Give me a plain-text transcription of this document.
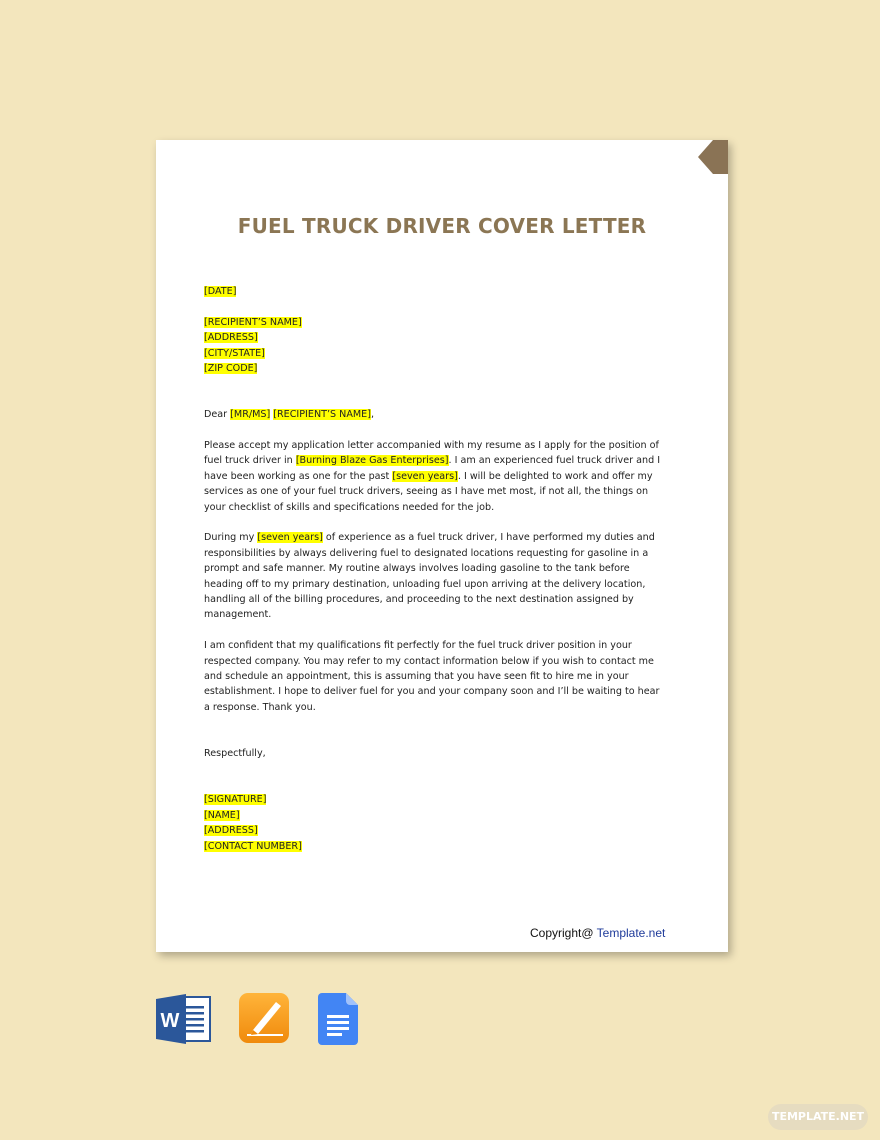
FUEL TRUCK DRIVER COVER LETTER

[DATE]

[RECIPIENT’S NAME]

[ADDRESS]

[CITY/STATE]

[ZIP CODE]

Dear [MR/MS] [RECIPIENT’S NAME],

Please accept my application letter accompanied with my resume as I apply for the position of fuel truck driver in [Burning Blaze Gas Enterprises]. I am an experienced fuel truck driver and I have been working as one for the past [seven years]. I will be delighted to work and offer my services as one of your fuel truck drivers, seeing as I have met most, if not all, the things on your checklist of skills and specifications needed for the job.

During my [seven years] of experience as a fuel truck driver, I have performed my duties and responsibilities by always delivering fuel to designated locations requesting for gasoline in a prompt and safe manner. My routine always involves loading gasoline to the tank before heading off to my primary destination, unloading fuel upon arriving at the delivery location, handling all of the billing procedures, and proceeding to the next destination assigned by management.

I am confident that my qualifications fit perfectly for the fuel truck driver position in your respected company. You may refer to my contact information below if you wish to contact me and schedule an appointment, this is assuming that you have seen fit to hire me in your establishment. I hope to deliver fuel for you and your company soon and I’ll be waiting to hear a response. Thank you.

Respectfully,

[SIGNATURE]

[NAME]

[ADDRESS]

[CONTACT NUMBER]

Copyright@ Template.net
W
TEMPLATE.NET
